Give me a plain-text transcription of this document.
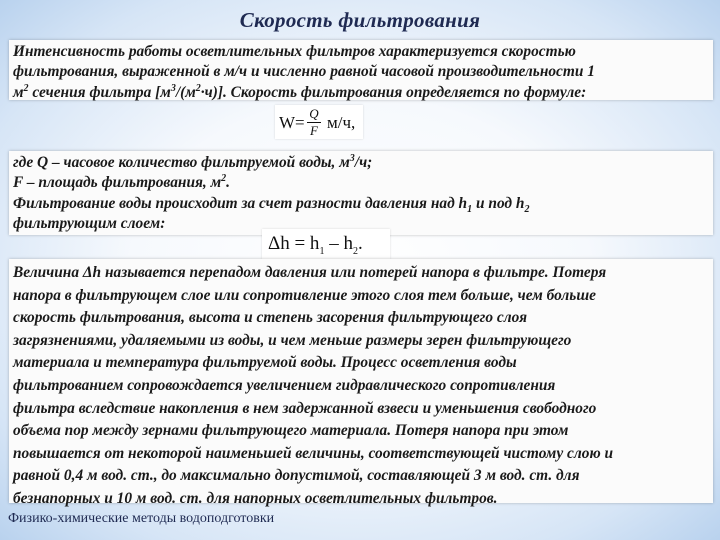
Скорость фильтрования
Интенсивность работы осветлительных фильтров характеризуется скоростью
фильтрования, выраженной в м/ч и численно равной часовой производительности 1
$м^2$ сечения фильтра $[м^3/(м^2\cdot ч)]$. Скорость фильтрования определяется по формуле:
W= Q
F м/ч,
где Q – часовое количество фильтруемой воды, $м^3/ч$;
F – площадь фильтрования, $м^2$.
Фильтрование воды происходит за счет разности давления над $h_1$ и под $h_2$
фильтрующим слоем:
$\Delta h = h_1 - h_2$.
Величина Δh называется перепадом давления или потерей напора в фильтре. Потеря
напора в фильтрующем слое или сопротивление этого слоя тем больше, чем больше
скорость фильтрования, высота и степень засорения фильтрующего слоя
загрязнениями, удаляемыми из воды, и чем меньше размеры зерен фильтрующего
материала и температура фильтруемой воды. Процесс осветления воды
фильтрованием сопровождается увеличением гидравлического сопротивления
фильтра вследствие накопления в нем задержанной взвеси и уменьшения свободного
объема пор между зернами фильтрующего материала. Потеря напора при этом
повышается от некоторой наименьшей величины, соответствующей чистому слою и
равной 0,4 м вод. ст., до максимально допустимой, составляющей 3 м вод. ст. для
безнапорных и 10 м вод. ст. для напорных осветлительных фильтров.
Физико-химические методы водоподготовки
